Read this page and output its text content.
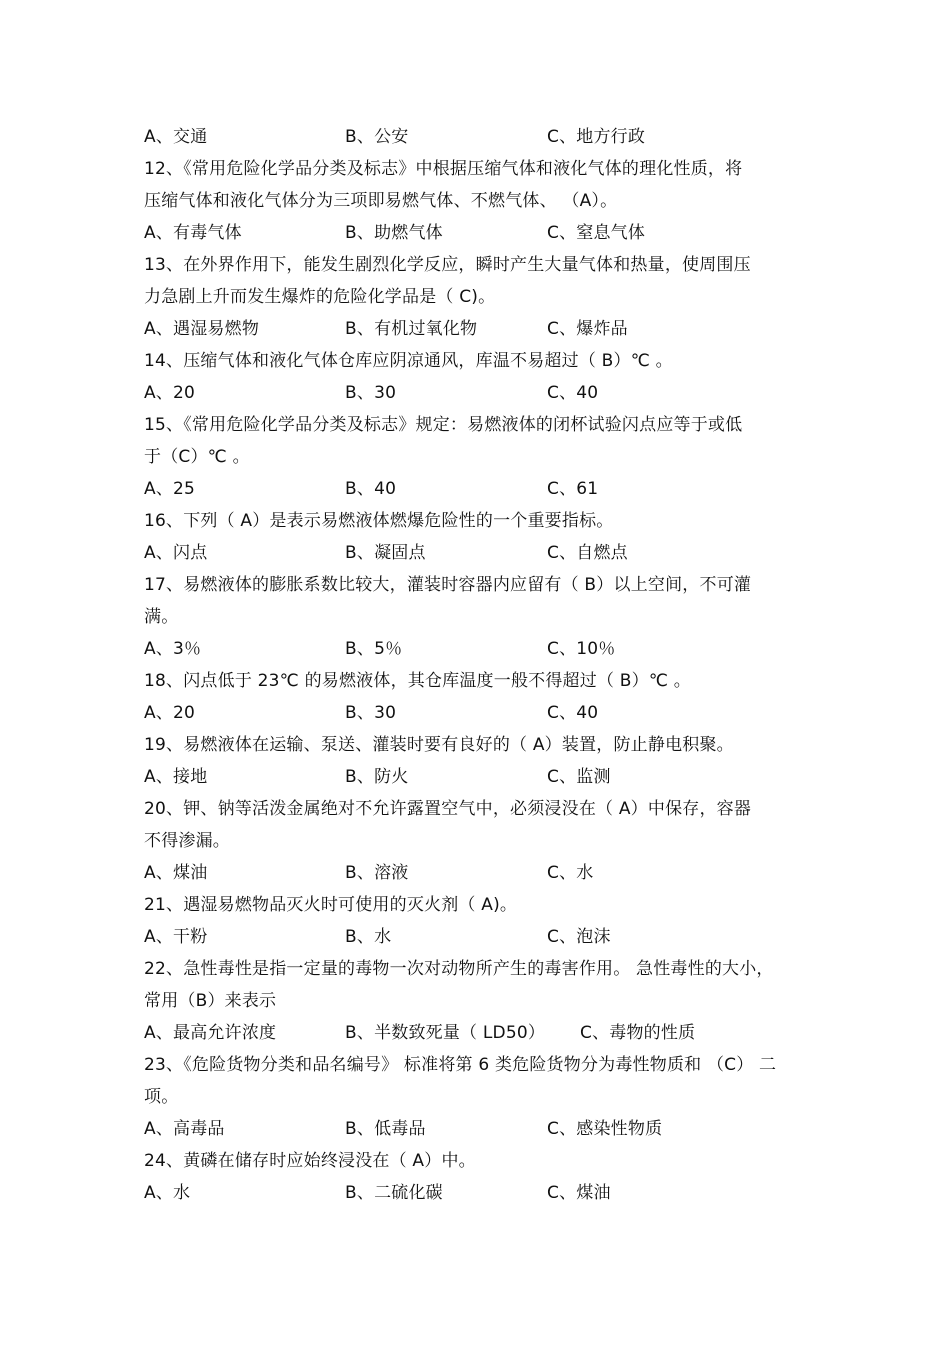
A、交通	B、公安	C、地方行政
12、《常用危险化学品分类及标志》中根据压缩气体和液化气体的理化性质，将
压缩气体和液化气体分为三项即易燃气体、不燃气体、 （A）。
A、有毒气体	B、助燃气体	C、窒息气体
13、在外界作用下，能发生剧烈化学反应，瞬时产生大量气体和热量，使周围压
力急剧上升而发生爆炸的危险化学品是（ C)。
A、遇湿易燃物	B、有机过氧化物	C、爆炸品
14、压缩气体和液化气体仓库应阴凉通风，库温不易超过（ B）℃ 。
A、20	B、30	C、40
15、《常用危险化学品分类及标志》规定：易燃液体的闭杯试验闪点应等于或低
于（C）℃ 。
A、25	B、40	C、61
16、下列（ A）是表示易燃液体燃爆危险性的一个重要指标。
A、闪点	B、凝固点	C、自燃点
17、易燃液体的膨胀系数比较大，灌装时容器内应留有（ B）以上空间，不可灌
满。
A、3％	B、5％	C、10％
18、闪点低于 23℃ 的易燃液体，其仓库温度一般不得超过（ B）℃ 。
A、20	B、30	C、40
19、易燃液体在运输、泵送、灌装时要有良好的（ A）装置，防止静电积聚。
A、接地	B、防火	C、监测
20、钾、钠等活泼金属绝对不允许露置空气中，必须浸没在（ A）中保存，容器
不得渗漏。
A、煤油	B、溶液	C、水
21、遇湿易燃物品灭火时可使用的灭火剂（ A)。
A、干粉	B、水	C、泡沫
22、急性毒性是指一定量的毒物一次对动物所产生的毒害作用。 急性毒性的大小，
常用（B）来表示
A、最高允许浓度	B、半数致死量（ LD50） C、毒物的性质
23、《危险货物分类和品名编号》 标准将第 6 类危险货物分为毒性物质和 （C） 二
项。
A、高毒品	B、低毒品	C、感染性物质
24、黄磷在储存时应始终浸没在（ A）中。
A、水	B、二硫化碳	C、煤油
